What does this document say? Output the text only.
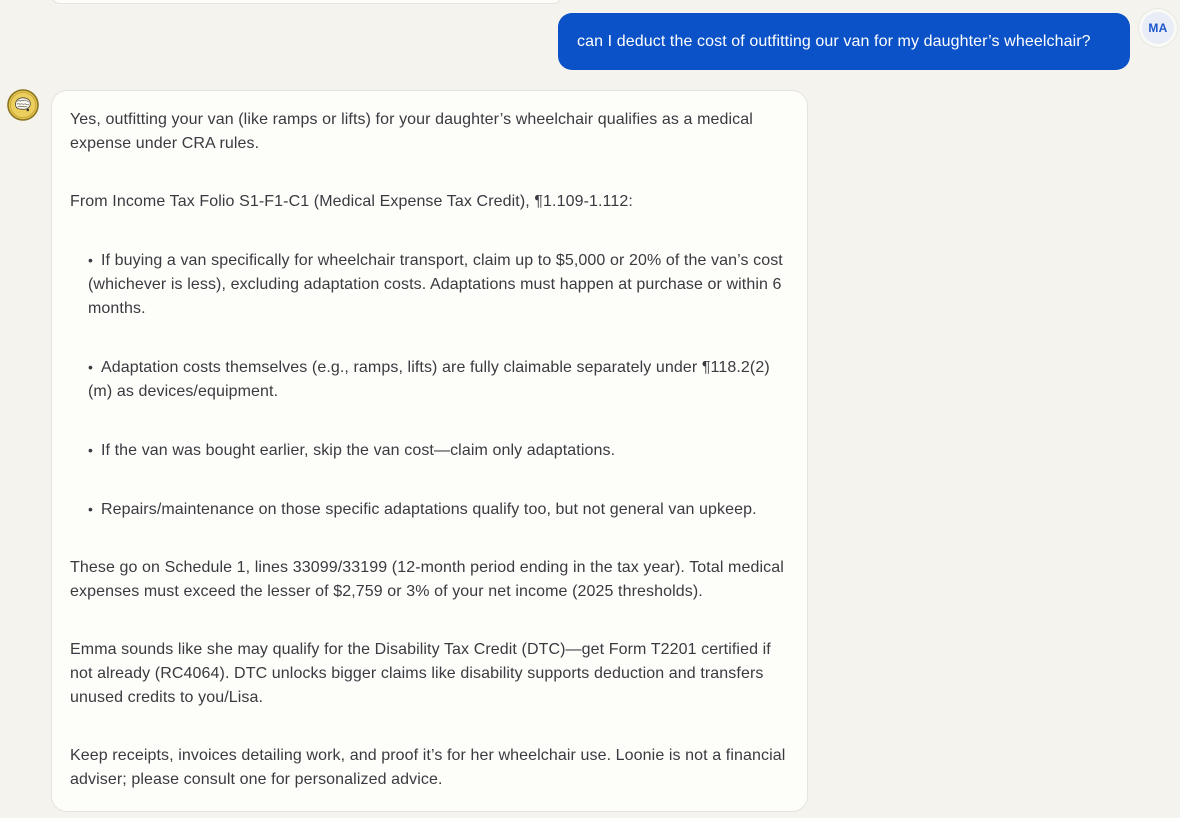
can I deduct the cost of outfitting our van for my daughter’s wheelchair?
MA
Yes, outfitting your van (like ramps or lifts) for your daughter’s wheelchair qualifies as a medical expense under CRA rules.
From Income Tax Folio S1-F1-C1 (Medical Expense Tax Credit), ¶1.109-1.112:
•  If buying a van specifically for wheelchair transport, claim up to $5,000 or 20% of the van’s cost (whichever is less), excluding adaptation costs. Adaptations must happen at purchase or within 6 months.
•  Adaptation costs themselves (e.g., ramps, lifts) are fully claimable separately under ¶118.2(2)(m) as devices/equipment.
•  If the van was bought earlier, skip the van cost—claim only adaptations.
•  Repairs/maintenance on those specific adaptations qualify too, but not general van upkeep.
These go on Schedule 1, lines 33099/33199 (12-month period ending in the tax year). Total medical expenses must exceed the lesser of $2,759 or 3% of your net income (2025 thresholds).
Emma sounds like she may qualify for the Disability Tax Credit (DTC)—get Form T2201 certified if not already (RC4064). DTC unlocks bigger claims like disability supports deduction and transfers unused credits to you/Lisa.
Keep receipts, invoices detailing work, and proof it’s for her wheelchair use. Loonie is not a financial adviser; please consult one for personalized advice.
